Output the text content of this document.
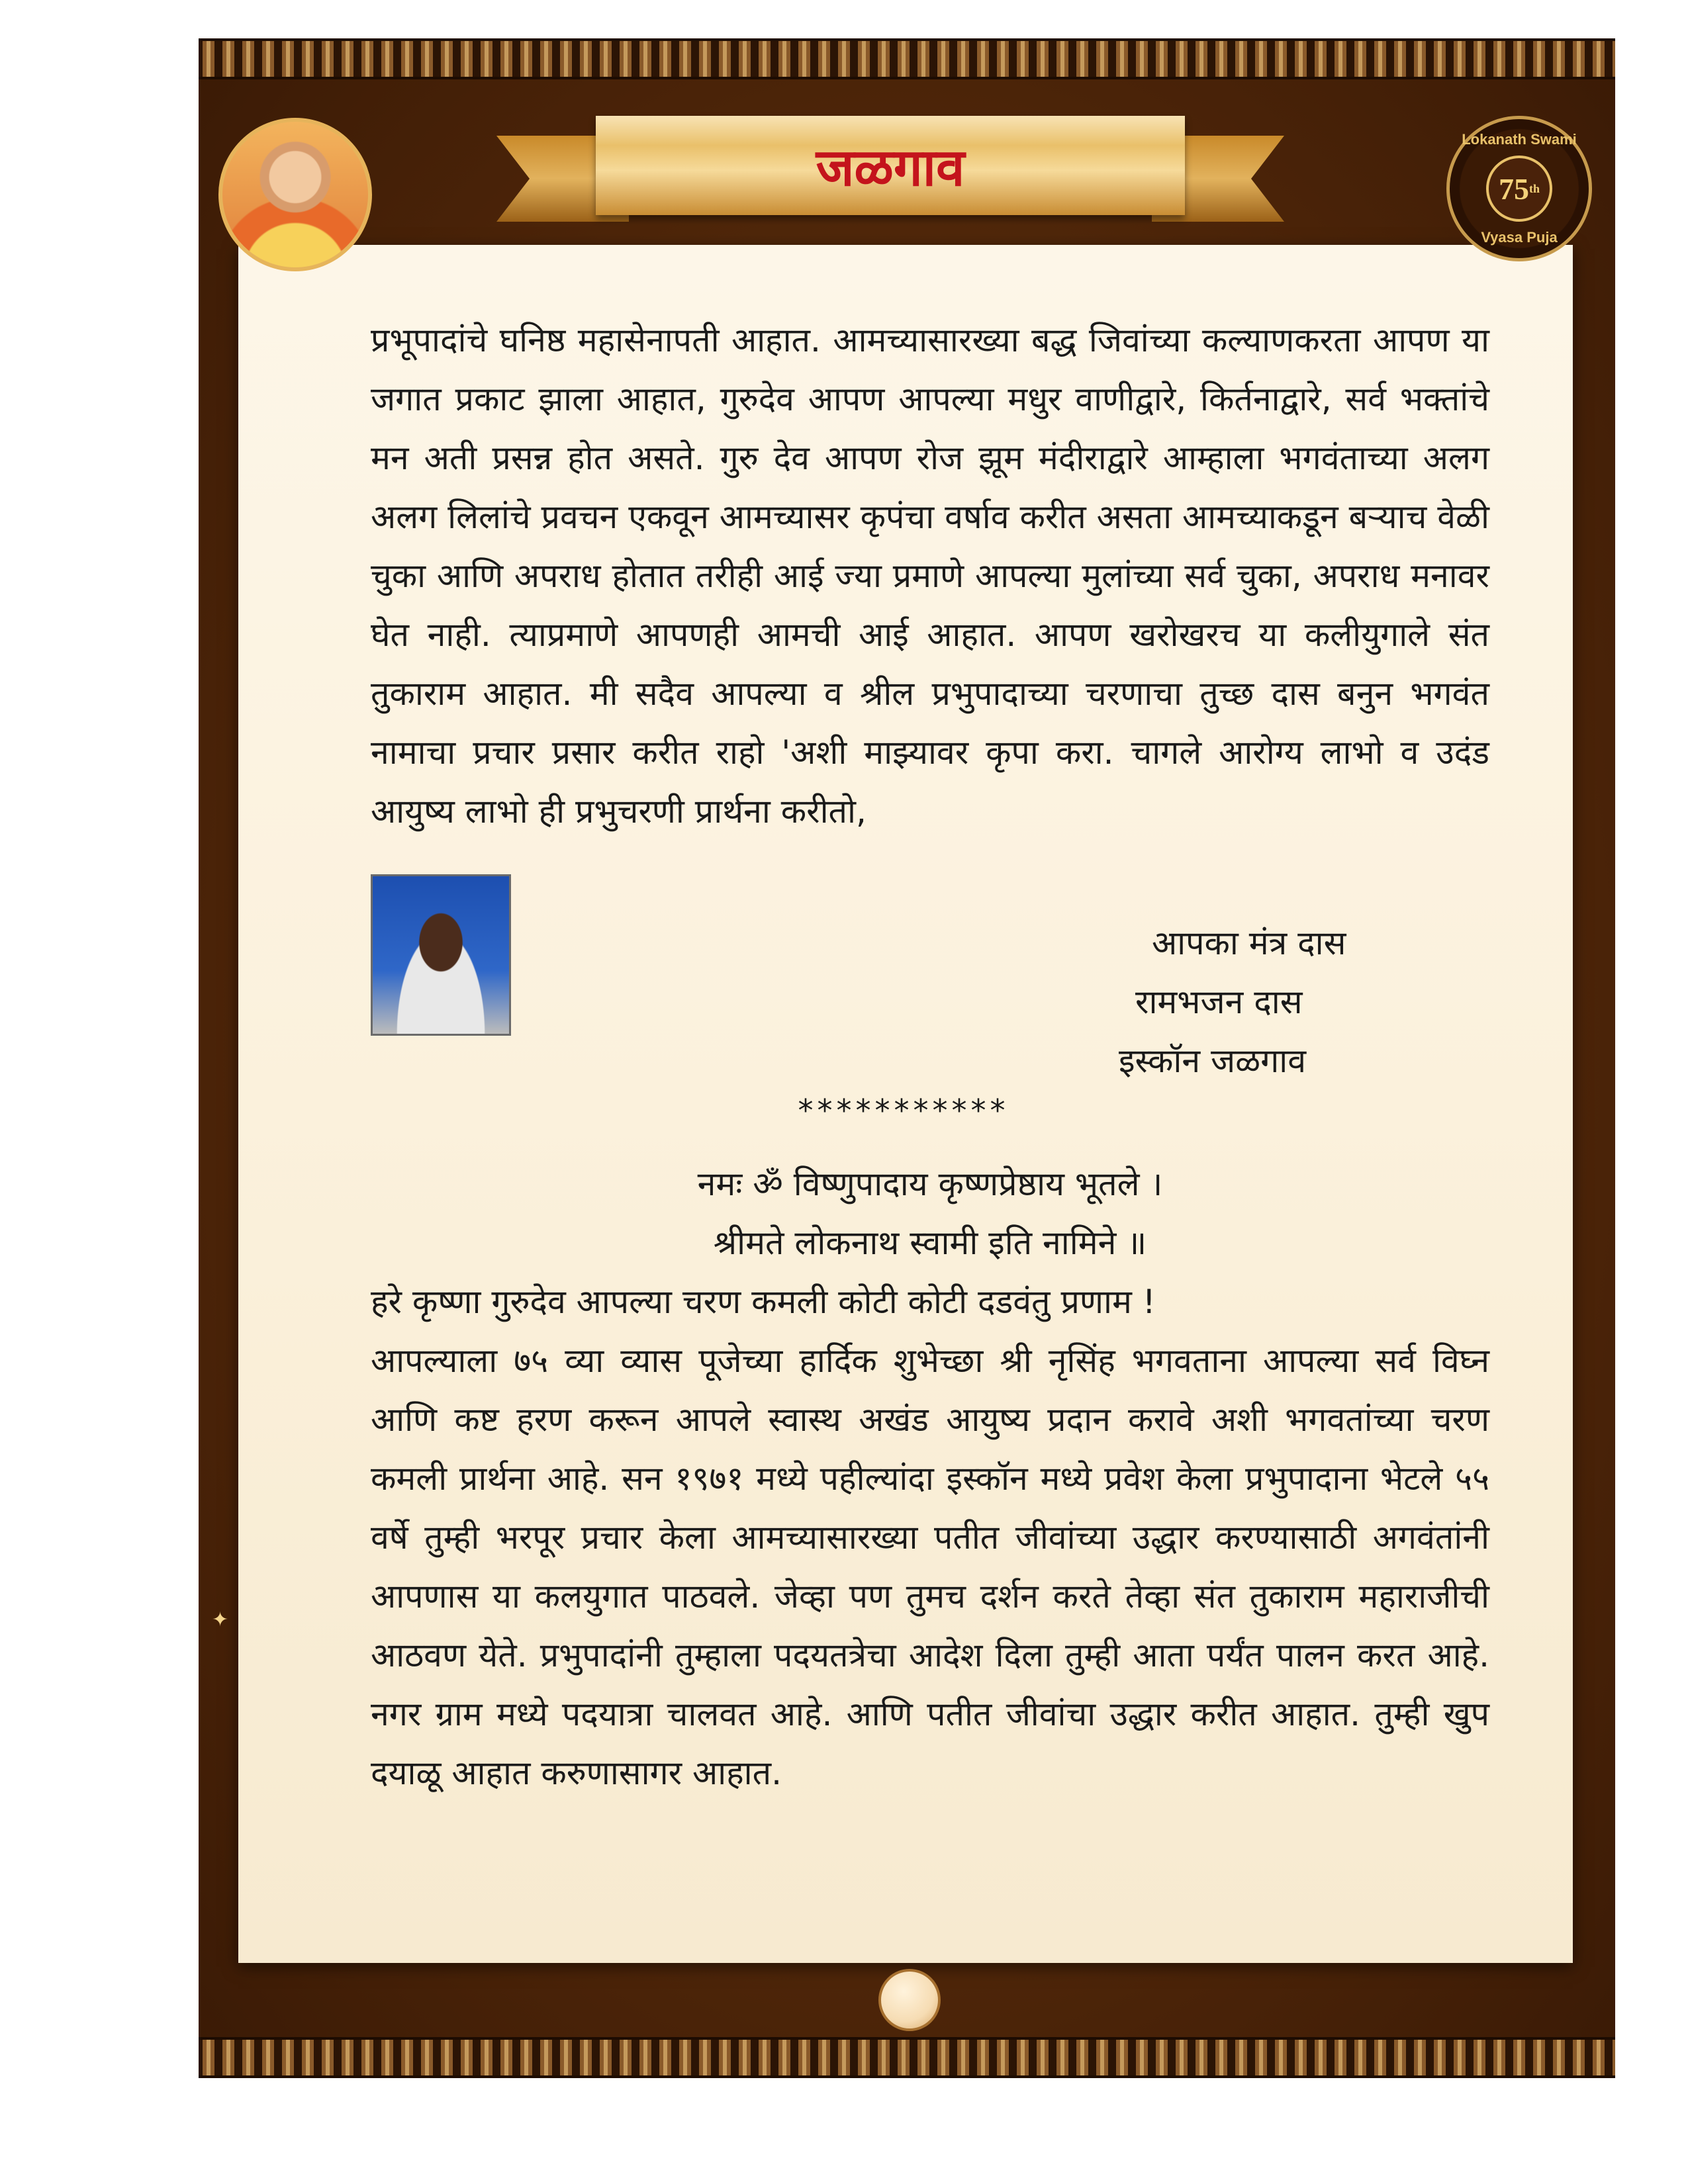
जळगाव	Lokanath Swami
75 th
Vyasa Puja
✦

प्रभूपादांचे घनिष्ठ महासेनापती आहात. आमच्यासारख्या बद्ध जिवांच्या कल्याणकरता आपण या जगात प्रकाट झाला आहात, गुरुदेव आपण आपल्या मधुर वाणीद्वारे, किर्तनाद्वारे, सर्व भक्तांचे मन अती प्रसन्न होत असते. गुरु देव आपण रोज झूम मंदीराद्वारे आम्हाला भगवंताच्या अलग अलग लिलांचे प्रवचन एकवून आमच्यासर कृपंचा वर्षाव करीत असता आमच्याकडून बऱ्याच वेळी चुका आणि अपराध होतात तरीही आई ज्या प्रमाणे आपल्या मुलांच्या सर्व चुका, अपराध मनावर घेत नाही. त्याप्रमाणे आपणही आमची आई आहात. आपण खरोखरच या कलीयुगाले संत तुकाराम आहात. मी सदैव आपल्या व श्रील प्रभुपादाच्या चरणाचा तुच्छ दास बनुन भगवंत नामाचा प्रचार प्रसार करीत राहो 'अशी माझ्यावर कृपा करा. चागले आरोग्य लाभो व उदंड आयुष्य लाभो ही प्रभुचरणी प्रार्थना करीतो,

आपका मंत्र दास
रामभजन दास
इस्कॉन जळगाव
***********
नमः ॐ विष्णुपादाय कृष्णप्रेष्ठाय भूतले ।
श्रीमते लोकनाथ स्वामी इति नामिने ॥

हरे कृष्णा गुरुदेव आपल्या चरण कमली कोटी कोटी दडवंतु प्रणाम !

आपल्याला ७५ व्या व्यास पूजेच्या हार्दिक शुभेच्छा श्री नृसिंह भगवताना आपल्या सर्व विघ्न आणि कष्ट हरण करून आपले स्वास्थ अखंड आयुष्य प्रदान करावे अशी भगवतांच्या चरण कमली प्रार्थना आहे. सन १९७१ मध्ये पहील्यांदा इस्कॉन मध्ये प्रवेश केला प्रभुपादाना भेटले ५५ वर्षे तुम्ही भरपूर प्रचार केला आमच्यासारख्या पतीत जीवांच्या उद्धार करण्यासाठी अगवंतांनी आपणास या कलयुगात पाठवले. जेव्हा पण तुमच दर्शन करते तेव्हा संत तुकाराम महाराजीची आठवण येते. प्रभुपादांनी तुम्हाला पदयतत्रेचा आदेश दिला तुम्ही आता पर्यंत पालन करत आहे. नगर ग्राम मध्ये पदयात्रा चालवत आहे. आणि पतीत जीवांचा उद्धार करीत आहात. तुम्ही खुप दयाळू आहात करुणासागर आहात.
